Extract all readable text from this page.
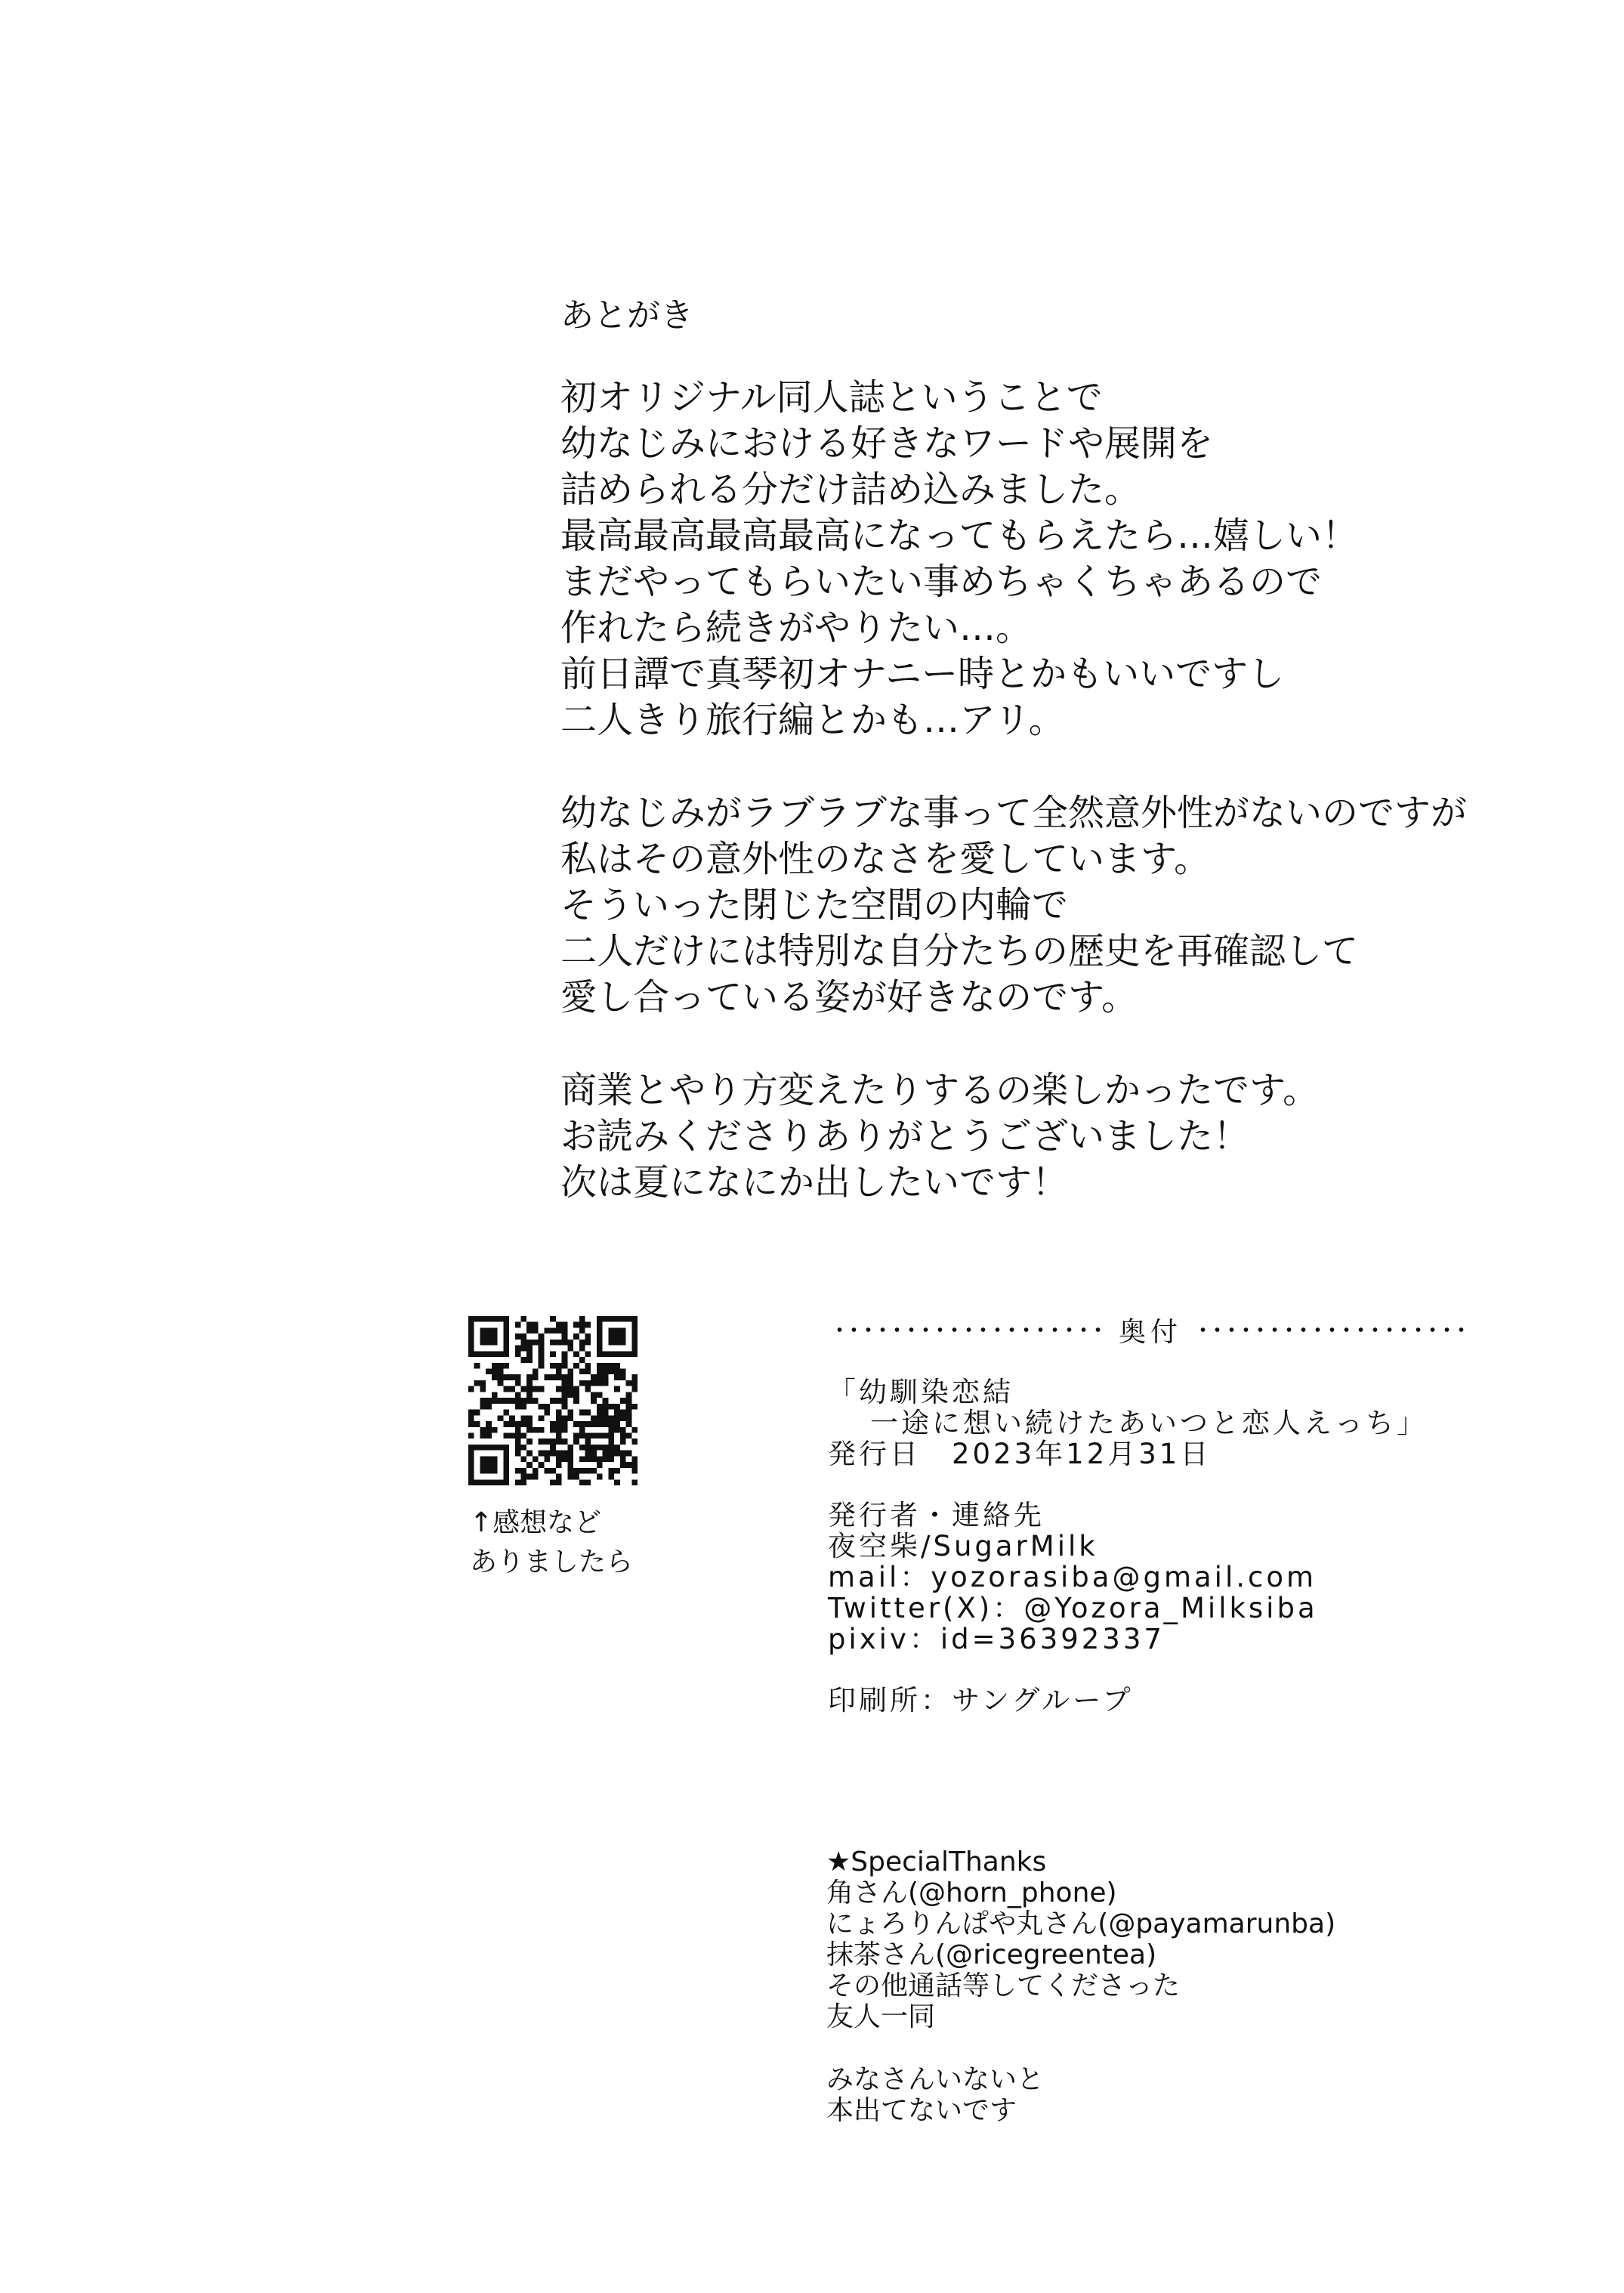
あとがき
初オリジナル同人誌ということで
幼なじみにおける好きなワードや展開を
詰められる分だけ詰め込みました。
最高最高最高最高になってもらえたら…嬉しい！
まだやってもらいたい事めちゃくちゃあるので
作れたら続きがやりたい…。
前日譚で真琴初オナニー時とかもいいですし
二人きり旅行編とかも…アリ。
幼なじみがラブラブな事って全然意外性がないのですが
私はその意外性のなさを愛しています。
そういった閉じた空間の内輪で
二人だけには特別な自分たちの歴史を再確認して
愛し合っている姿が好きなのです。
商業とやり方変えたりするの楽しかったです。
お読みくださりありがとうございました！
次は夏になにか出したいです！
↑感想など
ありましたら
奥付
「幼馴染恋結
一途に想い続けたあいつと恋人えっち」
発行日　2023年12月31日
発行者・連絡先
夜空柴/SugarMilk
mail：yozorasiba@gmail.com
Twitter(X)：@Yozora_Milksiba
pixiv：id=36392337
印刷所：サングループ
★SpecialThanks
角さん(@horn_phone)
にょろりんぱや丸さん(@payamarunba)
抹茶さん(@ricegreentea)
その他通話等してくださった
友人一同
みなさんいないと
本出てないです
